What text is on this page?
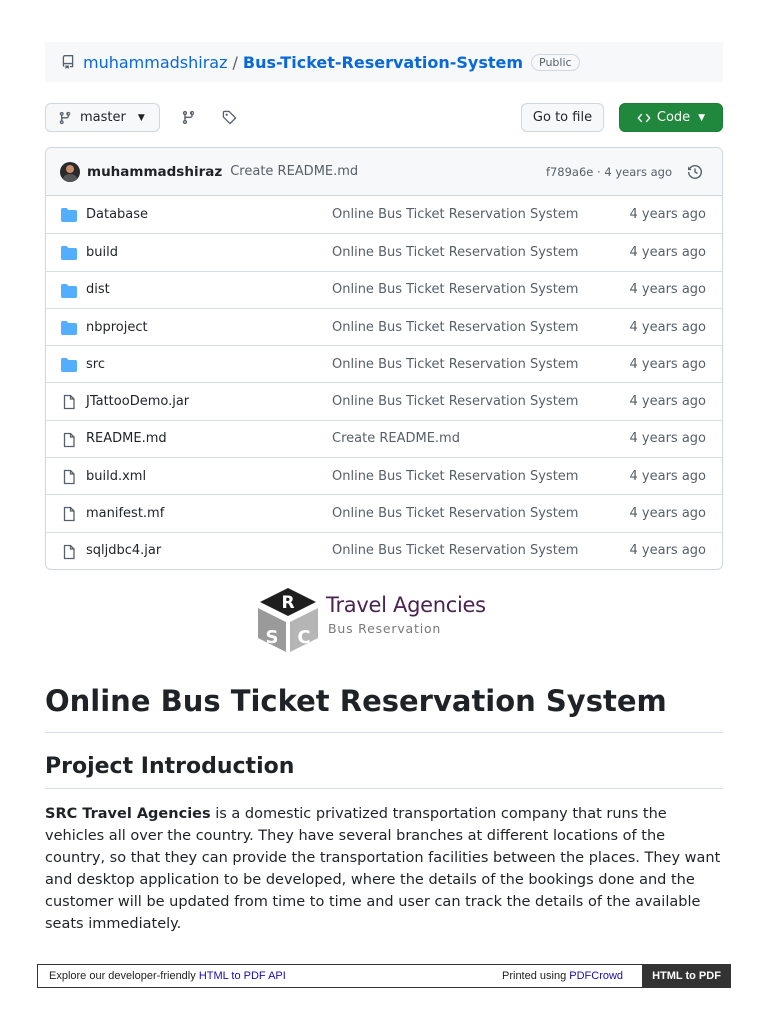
muhammadshiraz / Bus-Ticket-Reservation-System	Public
master ▼	Go to file	Code ▼
muhammadshiraz Create README.md	f789a6e · 4 years ago
Database	Online Bus Ticket Reservation System	4 years ago
build	Online Bus Ticket Reservation System	4 years ago
dist	Online Bus Ticket Reservation System	4 years ago
nbproject	Online Bus Ticket Reservation System	4 years ago
src	Online Bus Ticket Reservation System	4 years ago
JTattooDemo.jar	Online Bus Ticket Reservation System	4 years ago
README.md	Create README.md	4 years ago
build.xml	Online Bus Ticket Reservation System	4 years ago
manifest.mf	Online Bus Ticket Reservation System	4 years ago
sqljdbc4.jar	Online Bus Ticket Reservation System	4 years ago
R
S C
Travel Agencies
Bus Reservation
Online Bus Ticket Reservation System
Project Introduction

SRC Travel Agencies is a domestic privatized transportation company that runs the vehicles all over the country. They have several branches at different locations of the country, so that they can provide the transportation facilities between the places. They want and desktop application to be developed, where the details of the bookings done and the customer will be updated from time to time and user can track the details of the available seats immediately.

Explore our developer-friendly HTML to PDF API	Printed using PDFCrowd	HTML to PDF
